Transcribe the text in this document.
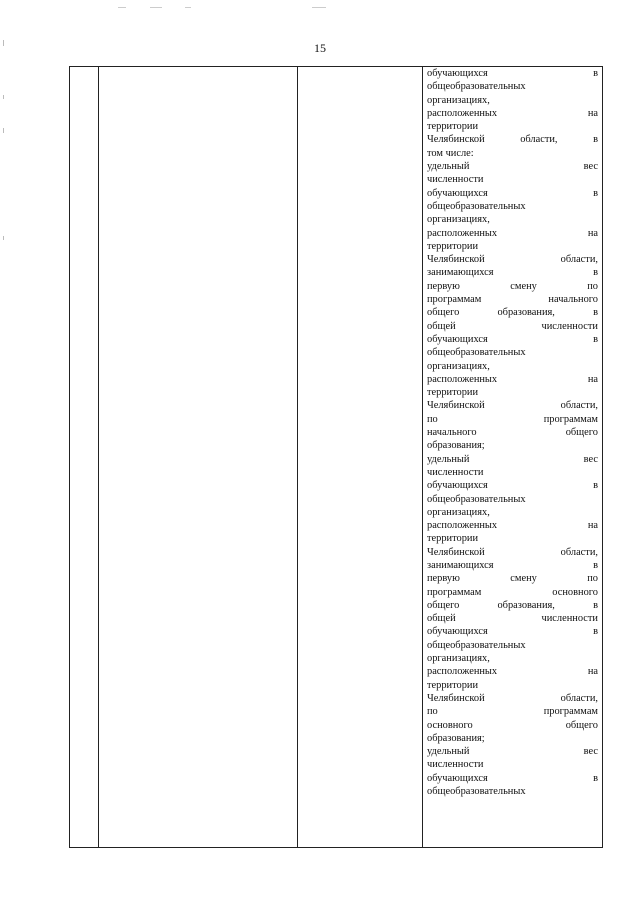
15

обучающихся в
общеобразовательных
организациях,
расположенных на
территории
Челябинской области, в
том числе:
удельный вес
численности
обучающихся в
общеобразовательных
организациях,
расположенных на
территории
Челябинской области,
занимающихся в
первую смену по
программам начального
общего образования, в
общей численности
обучающихся в
общеобразовательных
организациях,
расположенных на
территории
Челябинской области,
по программам
начального общего
образования;
удельный вес
численности
обучающихся в
общеобразовательных
организациях,
расположенных на
территории
Челябинской области,
занимающихся в
первую смену по
программам основного
общего образования, в
общей численности
обучающихся в
общеобразовательных
организациях,
расположенных на
территории
Челябинской области,
по программам
основного общего
образования;
удельный вес
численности
обучающихся в
общеобразовательных
